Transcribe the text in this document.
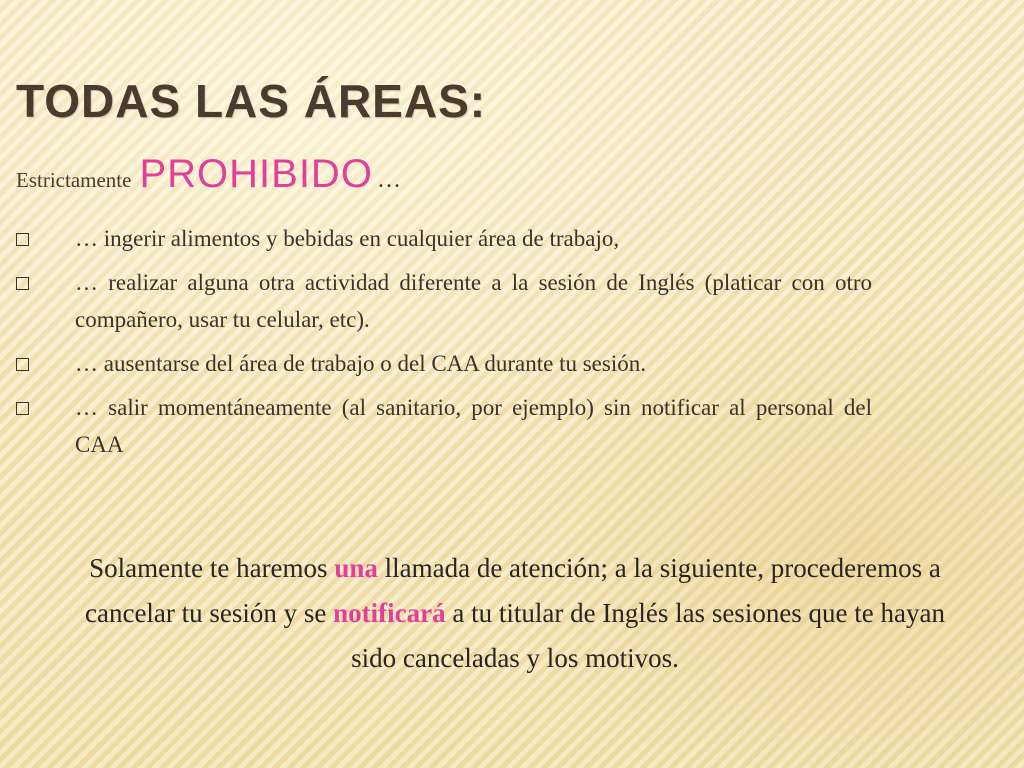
TODAS LAS ÁREAS:
Estrictamente PROHIBIDO …
… ingerir alimentos y bebidas en cualquier área de trabajo,
… realizar alguna otra actividad diferente a la sesión de Inglés (platicar con otro compañero, usar tu celular, etc).
… ausentarse del área de trabajo o del CAA durante tu sesión.
… salir momentáneamente (al sanitario, por ejemplo) sin notificar al personal del CAA

Solamente te haremos una llamada de atención; a la siguiente, procederemos a cancelar tu sesión y se notificará a tu titular de Inglés las sesiones que te hayan sido canceladas y los motivos.
